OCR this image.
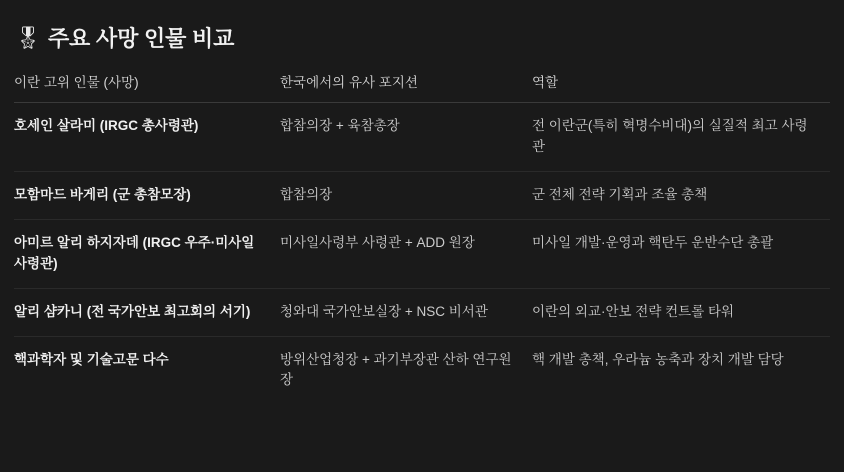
🎖 주요 사망 인물 비교
이란 고위 인물 (사망)	한국에서의 유사 포지션	역할
호세인 살라미 (IRGC 총사령관)	합참의장 + 육참총장	전 이란군(특히 혁명수비대)의 실질적 최고 사령관
모함마드 바게리 (군 총참모장)	합참의장	군 전체 전략 기획과 조율 총책
아미르 알리 하지자데 (IRGC 우주·미사일 사령관)	미사일사령부 사령관 + ADD 원장	미사일 개발·운영과 핵탄두 운반수단 총괄
알리 샴카니 (전 국가안보 최고회의 서기)	청와대 국가안보실장 + NSC 비서관	이란의 외교·안보 전략 컨트롤 타워
핵과학자 및 기술고문 다수	방위산업청장 + 과기부장관 산하 연구원장	핵 개발 총책, 우라늄 농축과 장치 개발 담당
